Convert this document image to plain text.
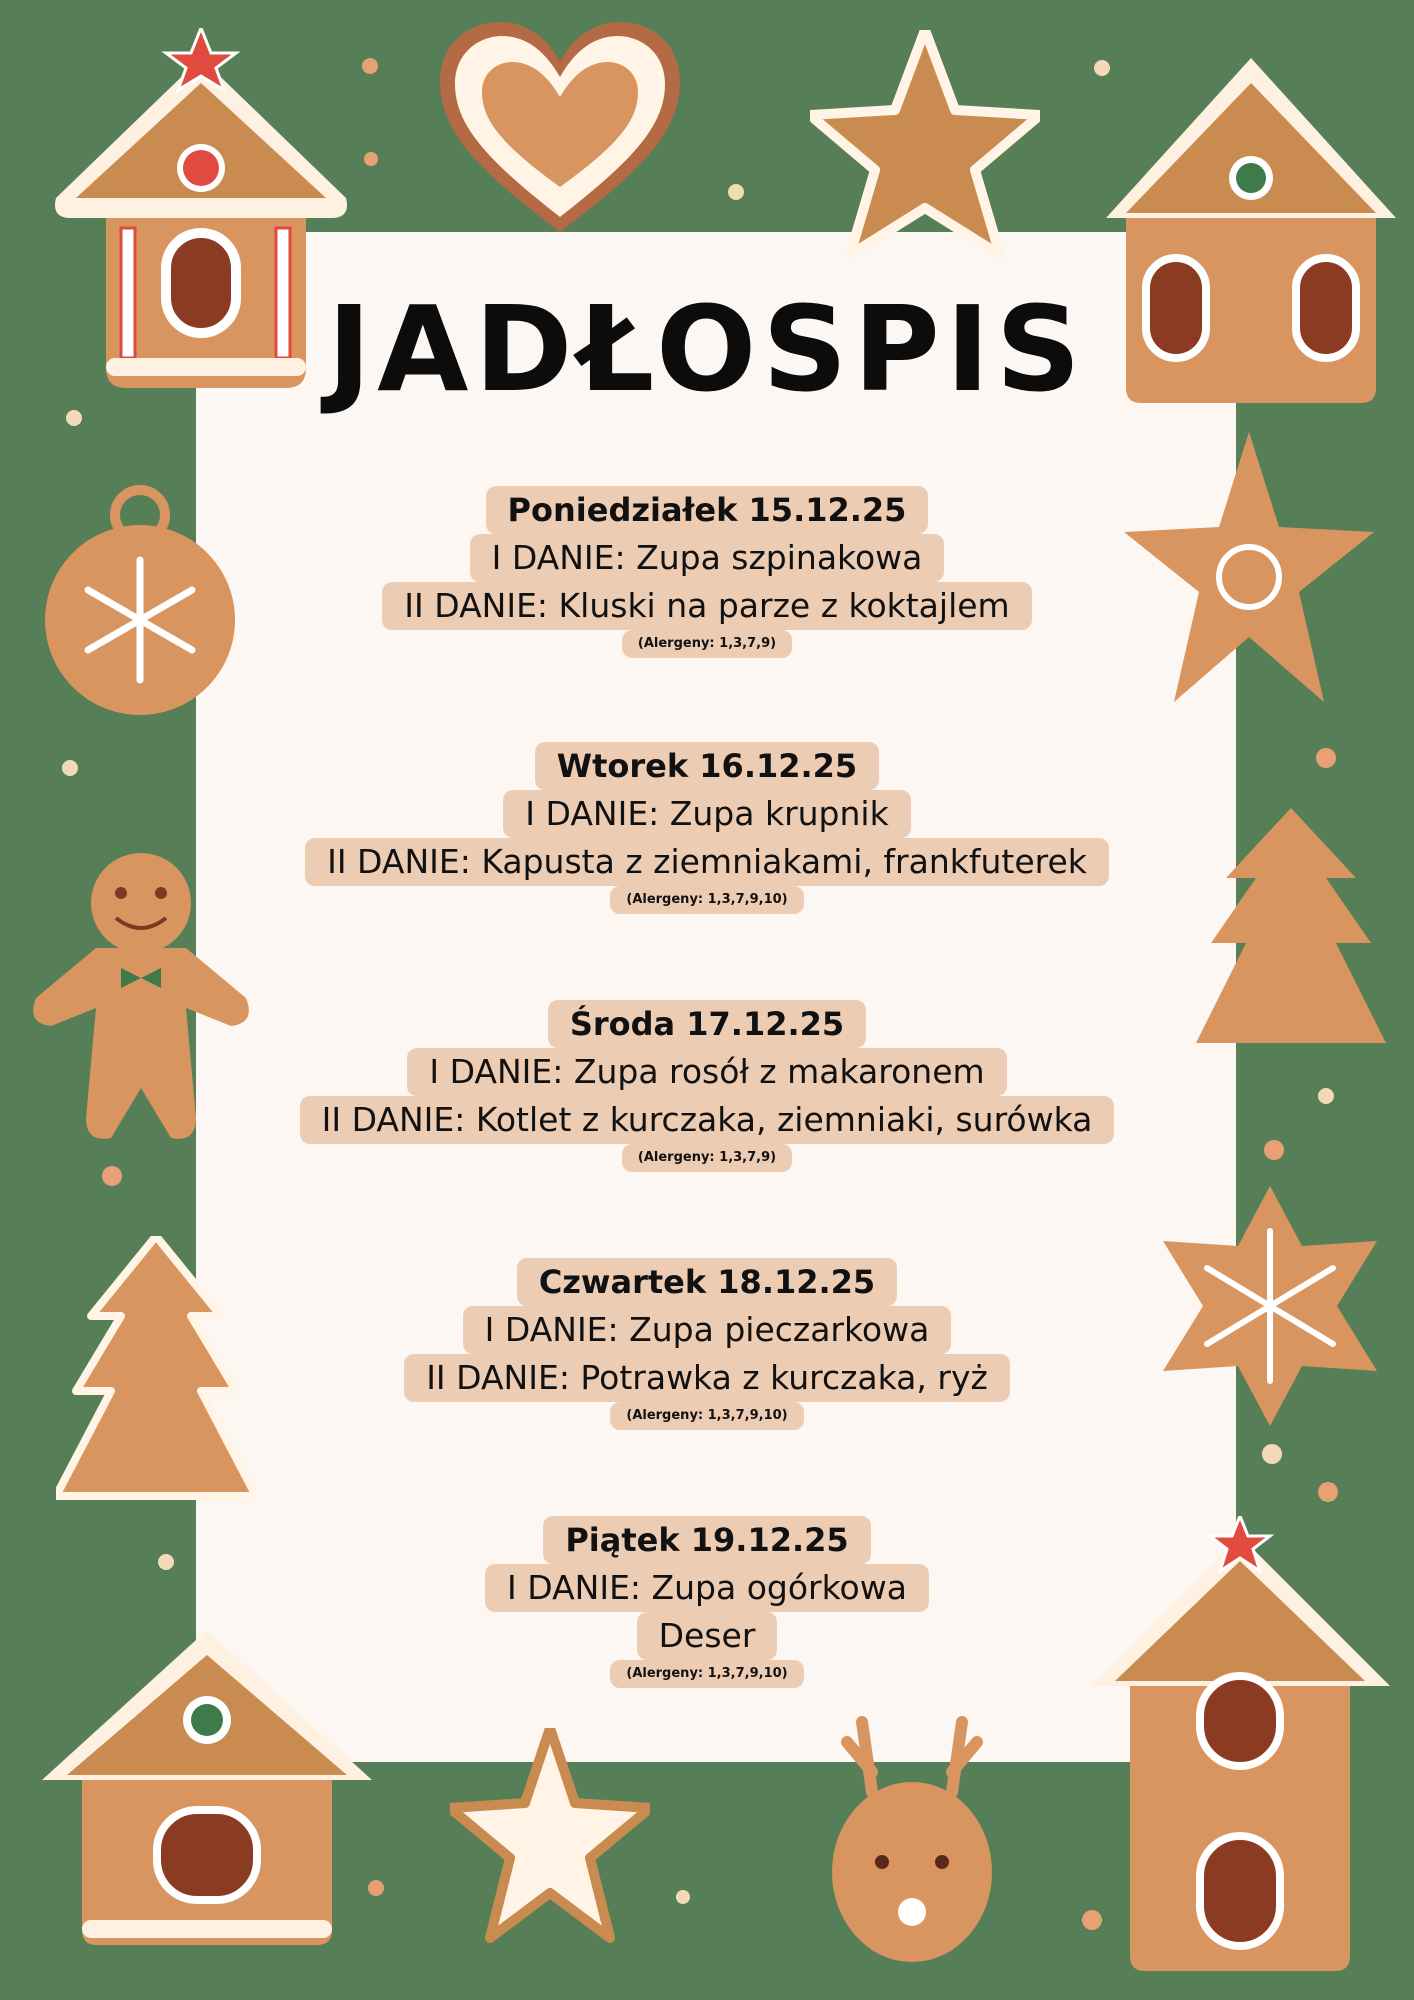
JADŁOSPIS
Poniedziałek 15.12.25
I DANIE: Zupa szpinakowa
II DANIE: Kluski na parze z koktajlem
(Alergeny: 1,3,7,9)
Wtorek 16.12.25
I DANIE: Zupa krupnik
II DANIE: Kapusta z ziemniakami, frankfuterek
(Alergeny: 1,3,7,9,10)
Środa 17.12.25
I DANIE: Zupa rosół z makaronem
II DANIE: Kotlet z kurczaka, ziemniaki, surówka
(Alergeny: 1,3,7,9)
Czwartek 18.12.25
I DANIE: Zupa pieczarkowa
II DANIE: Potrawka z kurczaka, ryż
(Alergeny: 1,3,7,9,10)
Piątek 19.12.25
I DANIE: Zupa ogórkowa
Deser
(Alergeny: 1,3,7,9,10)
